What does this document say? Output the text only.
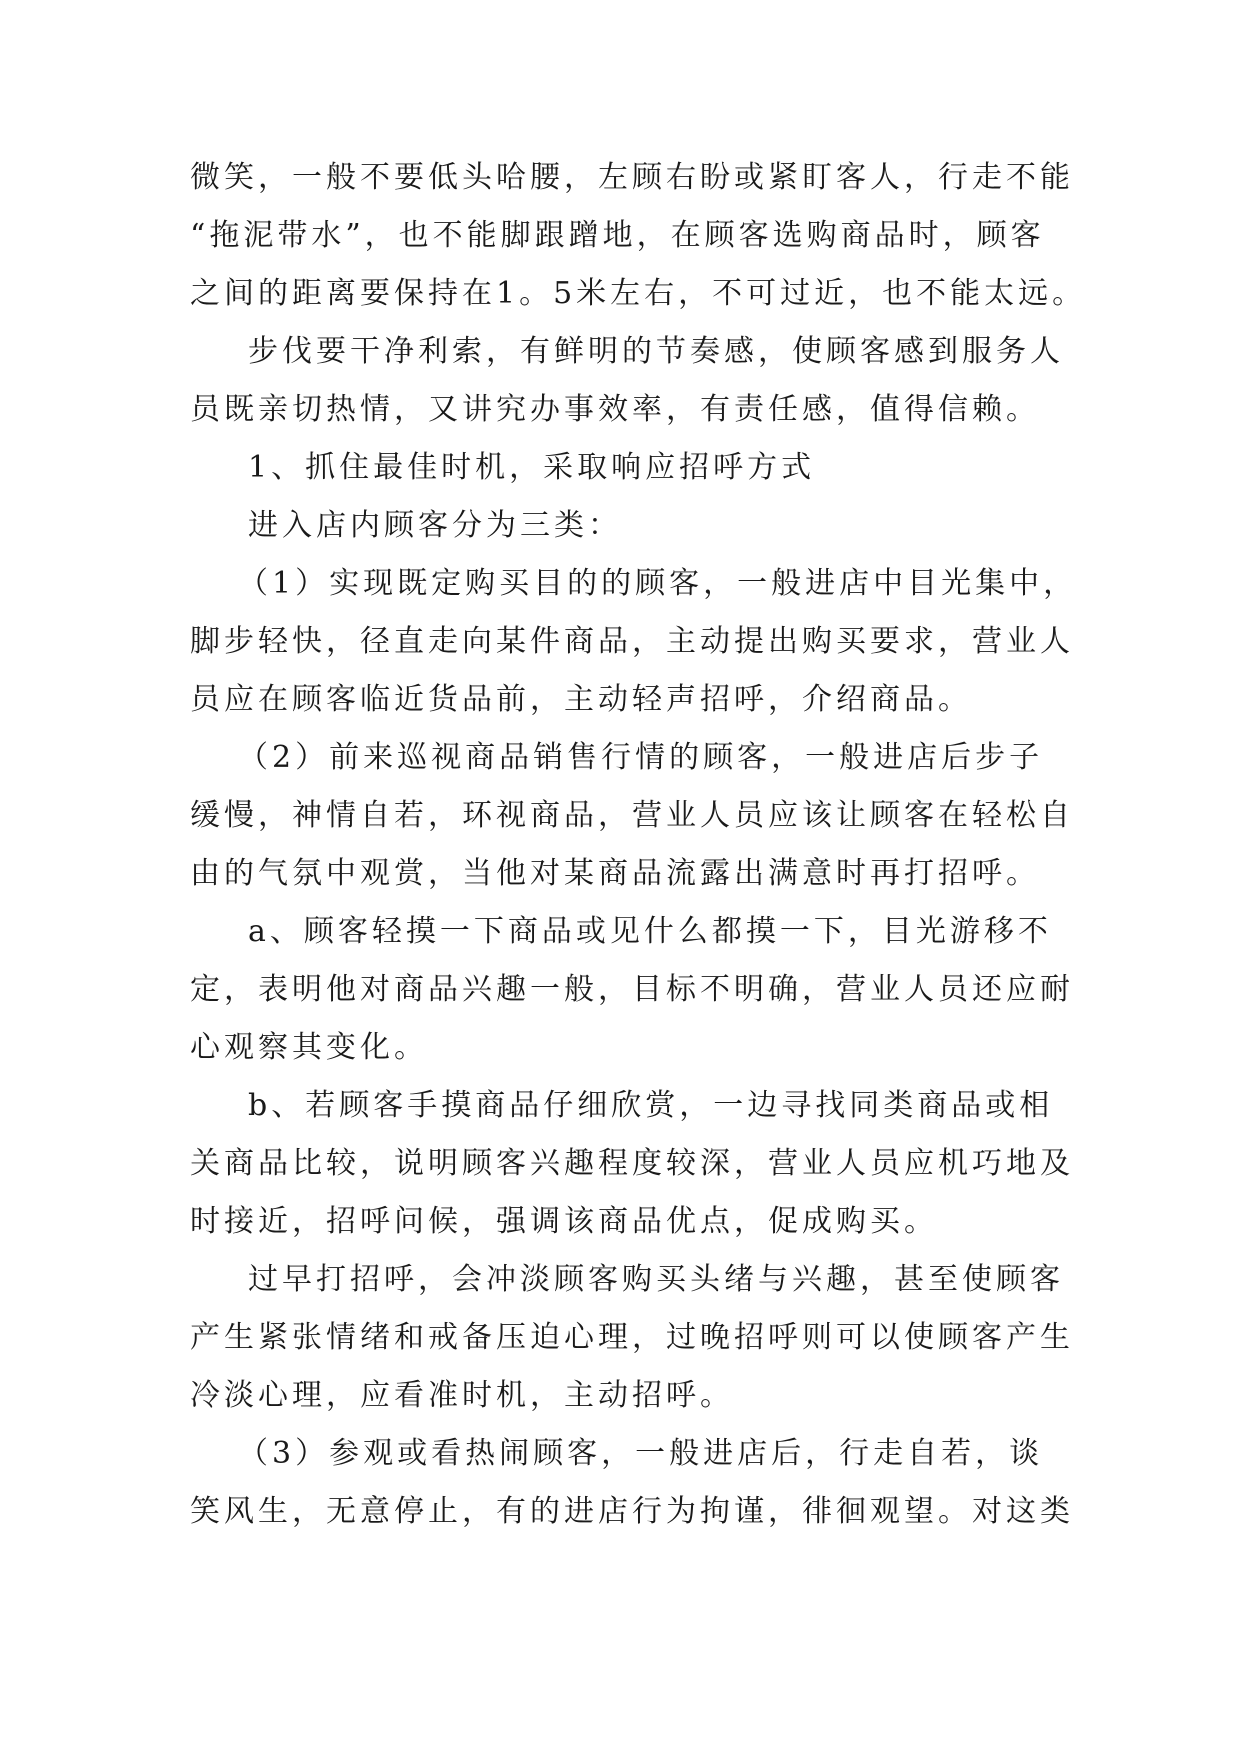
微笑，一般不要低头哈腰，左顾右盼或紧盯客人，行走不能
“拖泥带水”，也不能脚跟蹭地，在顾客选购商品时，顾客
之间的距离要保持在1。5米左右，不可过近，也不能太远。
步伐要干净利索，有鲜明的节奏感，使顾客感到服务人
员既亲切热情，又讲究办事效率，有责任感，值得信赖。
1、抓住最佳时机，采取响应招呼方式
进入店内顾客分为三类：
（1）实现既定购买目的的顾客，一般进店中目光集中，
脚步轻快，径直走向某件商品，主动提出购买要求，营业人
员应在顾客临近货品前，主动轻声招呼，介绍商品。
（2）前来巡视商品销售行情的顾客，一般进店后步子
缓慢，神情自若，环视商品，营业人员应该让顾客在轻松自
由的气氛中观赏，当他对某商品流露出满意时再打招呼。
a、顾客轻摸一下商品或见什么都摸一下，目光游移不
定，表明他对商品兴趣一般，目标不明确，营业人员还应耐
心观察其变化。
b、若顾客手摸商品仔细欣赏，一边寻找同类商品或相
关商品比较，说明顾客兴趣程度较深，营业人员应机巧地及
时接近，招呼问候，强调该商品优点，促成购买。
过早打招呼，会冲淡顾客购买头绪与兴趣，甚至使顾客
产生紧张情绪和戒备压迫心理，过晚招呼则可以使顾客产生
冷淡心理，应看准时机，主动招呼。
（3）参观或看热闹顾客，一般进店后，行走自若，谈
笑风生，无意停止，有的进店行为拘谨，徘徊观望。对这类
